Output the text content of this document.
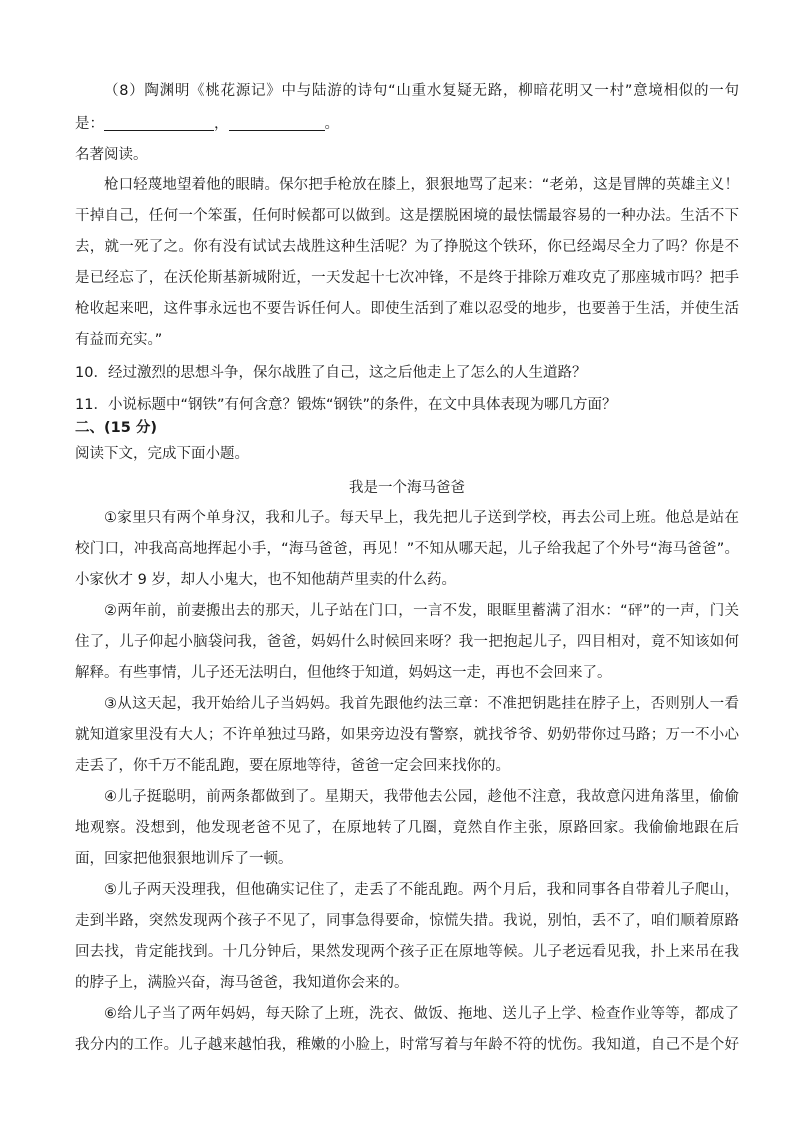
（8）陶渊明《桃花源记》中与陆游的诗句“山重水复疑无路，柳暗花明又一村”意境相似的一句
是：	，	。
名著阅读。
枪口轻蔑地望着他的眼睛。保尔把手枪放在膝上，狠狠地骂了起来：“老弟，这是冒牌的英雄主义！
干掉自己，任何一个笨蛋，任何时候都可以做到。这是摆脱困境的最怯懦最容易的一种办法。生活不下
去，就一死了之。你有没有试试去战胜这种生活呢？为了挣脱这个铁环，你已经竭尽全力了吗？你是不
是已经忘了，在沃伦斯基新城附近，一天发起十七次冲锋，不是终于排除万难攻克了那座城市吗？把手
枪收起来吧，这件事永远也不要告诉任何人。即使生活到了难以忍受的地步，也要善于生活，并使生活
有益而充实。”
10．经过激烈的思想斗争，保尔战胜了自己，这之后他走上了怎么的人生道路？
11．小说标题中“钢铁”有何含意？锻炼“钢铁”的条件，在文中具体表现为哪几方面？
二、(15 分)
阅读下文，完成下面小题。
我是一个海马爸爸
①家里只有两个单身汉，我和儿子。每天早上，我先把儿子送到学校，再去公司上班。他总是站在
校门口，冲我高高地挥起小手，“海马爸爸，再见！”不知从哪天起，儿子给我起了个外号“海马爸爸”。
小家伙才 9 岁，却人小鬼大，也不知他葫芦里卖的什么药。
②两年前，前妻搬出去的那天，儿子站在门口，一言不发，眼眶里蓄满了泪水：“砰”的一声，门关
住了，儿子仰起小脑袋问我，爸爸，妈妈什么时候回来呀？我一把抱起儿子，四目相对，竟不知该如何
解释。有些事情，儿子还无法明白，但他终于知道，妈妈这一走，再也不会回来了。
③从这天起，我开始给儿子当妈妈。我首先跟他约法三章：不准把钥匙挂在脖子上，否则别人一看
就知道家里没有大人；不许单独过马路，如果旁边没有警察，就找爷爷、奶奶带你过马路；万一不小心
走丢了，你千万不能乱跑，要在原地等待，爸爸一定会回来找你的。
④儿子挺聪明，前两条都做到了。星期天，我带他去公园，趁他不注意，我故意闪进角落里，偷偷
地观察。没想到，他发现老爸不见了，在原地转了几圈，竟然自作主张，原路回家。我偷偷地跟在后
面，回家把他狠狠地训斥了一顿。
⑤儿子两天没理我，但他确实记住了，走丢了不能乱跑。两个月后，我和同事各自带着儿子爬山，
走到半路，突然发现两个孩子不见了，同事急得要命，惊慌失措。我说，别怕，丢不了，咱们顺着原路
回去找，肯定能找到。十几分钟后，果然发现两个孩子正在原地等候。儿子老远看见我，扑上来吊在我
的脖子上，满脸兴奋，海马爸爸，我知道你会来的。
⑥给儿子当了两年妈妈，每天除了上班，洗衣、做饭、拖地、送儿子上学、检查作业等等，都成了
我分内的工作。儿子越来越怕我，稚嫩的小脸上，时常写着与年龄不符的忧伤。我知道，自己不是个好
